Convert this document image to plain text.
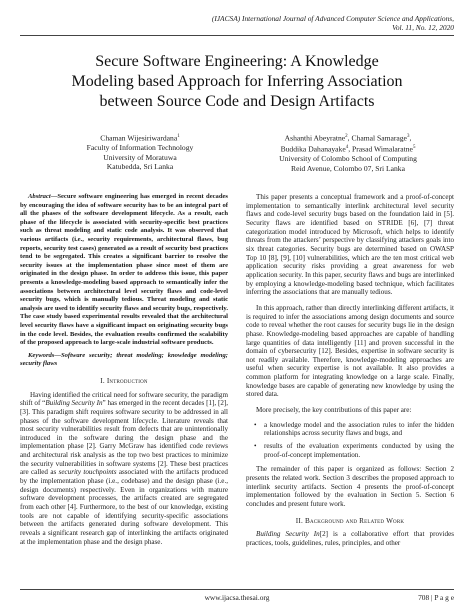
(IJACSA) International Journal of Advanced Computer Science and Applications,
Vol. 11, No. 12, 2020
Secure Software Engineering: A Knowledge
Modeling based Approach for Inferring Association
between Source Code and Design Artifacts
Chaman Wijesiriwardana$^1$
Faculty of Information Technology
University of Moratuwa
Katubedda, Sri Lanka
Ashanthi Abeyratne$^2$, Chamal Samarage$^3$,
Buddika Dahanayake$^4$, Prasad Wimalaratne$^5$
University of Colombo School of Computing
Reid Avenue, Colombo 07, Sri Lanka

Abstract—Secure software engineering has emerged in recent decades by encouraging the idea of software security has to be an integral part of all the phases of the software development lifecycle. As a result, each phase of the lifecycle is associated with security-specific best practices such as threat modeling and static code analysis. It was observed that various artifacts (i.e., security requirements, architectural flaws, bug reports, security test cases) generated as a result of security best practices tend to be segregated. This creates a significant barrier to resolve the security issues at the implementation phase since most of them are originated in the design phase. In order to address this issue, this paper presents a knowledge-modeling based approach to semantically infer the associations between architectural level security flaws and code-level security bugs, which is manually tedious. Threat modeling and static analysis are used to identify security flaws and security bugs, respectively. The case study based experimental results revealed that the architectural level security flaws have a significant impact on originating security bugs in the code level. Besides, the evaluation results confirmed the scalability of the proposed approach to large-scale industrial software products.

Keywords—Software security; threat modeling; knowledge modeling; security flaws

I. Introduction

Having identified the critical need for software security, the paradigm shift of “Building Security In” has emerged in the recent decades [1], [2], [3]. This paradigm shift requires software security to be addressed in all phases of the software development lifecycle. Literature reveals that most security vulnerabilities result from defects that are unintentionally introduced in the software during the design phase and the implementation phase [2]. Garry McGraw has identified code reviews and architectural risk analysis as the top two best practices to minimize the security vulnerabilities in software systems [2]. These best practices are called as security touchpoints associated with the artifacts produced by the implementation phase (i.e., codebase) and the design phase (i.e., design documents) respectively. Even in organizations with mature software development processes, the artifacts created are segregated from each other [4]. Furthermore, to the best of our knowledge, existing tools are not capable of identifying security-specific associations between the artifacts generated during software development. This reveals a significant research gap of interlinking the artifacts originated at the implementation phase and the design phase.

This paper presents a conceptual framework and a proof-of-concept implementation to semantically interlink architectural level security flaws and code-level security bugs based on the foundation laid in [5]. Security flaws are identified based on STRIDE [6], [7] threat categorization model introduced by Microsoft, which helps to identify threats from the attackers’ perspective by classifying attackers goals into six threat categories. Security bugs are determined based on OWASP Top 10 [8], [9], [10] vulnerabilities, which are the ten most critical web application security risks providing a great awareness for web application security. In this paper, security flaws and bugs are interlinked by employing a knowledge-modeling based technique, which facilitates inferring the associations that are manually tedious.

In this approach, rather than directly interlinking different artifacts, it is required to infer the associations among design documents and source code to reveal whether the root causes for security bugs lie in the design phase. Knowledge-modeling based approaches are capable of handling large quantities of data intelligently [11] and proven successful in the domain of cybersecurity [12]. Besides, expertise in software security is not readily available. Therefore, knowledge-modeling approaches are useful when security expertise is not available. It also provides a common platform for integrating knowledge on a large scale. Finally, knowledge bases are capable of generating new knowledge by using the stored data.

More precisely, the key contributions of this paper are:

• a knowledge model and the association rules to infer the hidden relationships across security flaws and bugs, and
• results of the evaluation experiments conducted by using the proof-of-concept implementation.

The remainder of this paper is organized as follows: Section 2 presents the related work. Section 3 describes the proposed approach to interlink security artifacts. Section 4 presents the proof-of-concept implementation followed by the evaluation in Section 5. Section 6 concludes and present future work.

II. Background and Related Work

Building Security In[2] is a collaborative effort that provides practices, tools, guidelines, rules, principles, and other

www.ijacsa.thesai.org	708 | P a g e
